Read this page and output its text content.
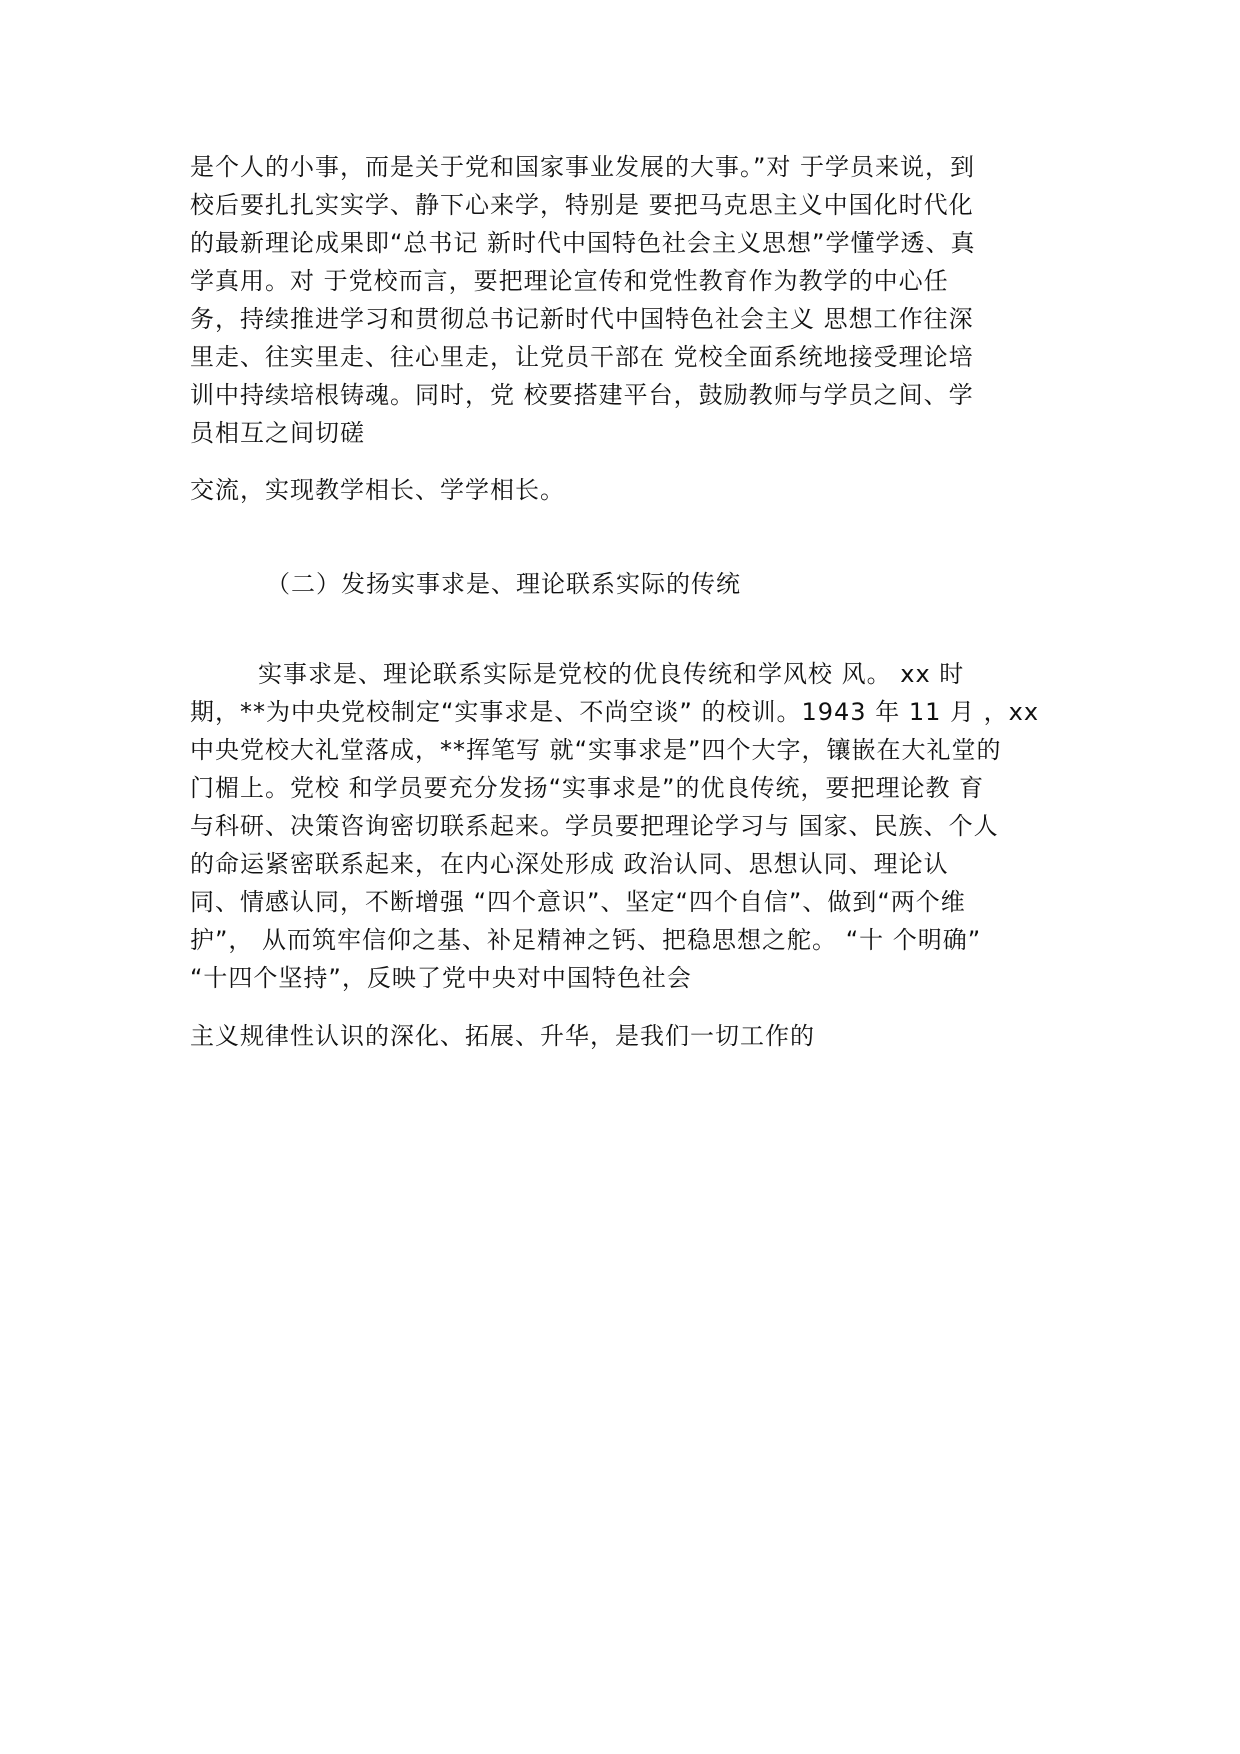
是个人的小事，而是关于党和国家事业发展的大事。”对 于学员来说，到
校后要扎扎实实学、静下心来学，特别是 要把马克思主义中国化时代化
的最新理论成果即“总书记 新时代中国特色社会主义思想”学懂学透、真
学真用。对 于党校而言，要把理论宣传和党性教育作为教学的中心任
务，持续推进学习和贯彻总书记新时代中国特色社会主义 思想工作往深
里走、往实里走、往心里走，让党员干部在 党校全面系统地接受理论培
训中持续培根铸魂。同时，党 校要搭建平台，鼓励教师与学员之间、学
员相互之间切磋
交流，实现教学相长、学学相长。
（二）发扬实事求是、理论联系实际的传统
实事求是、理论联系实际是党校的优良传统和学风校 风。 xx 时
期，**为中央党校制定“实事求是、不尚空谈” 的校训。1943 年 11 月 ，xx
中央党校大礼堂落成，**挥笔写 就“实事求是”四个大字，镶嵌在大礼堂的
门楣上。党校 和学员要充分发扬“实事求是”的优良传统，要把理论教 育
与科研、决策咨询密切联系起来。学员要把理论学习与 国家、民族、个人
的命运紧密联系起来，在内心深处形成 政治认同、思想认同、理论认
同、情感认同，不断增强 “四个意识”、坚定“四个自信”、做到“两个维
护”， 从而筑牢信仰之基、补足精神之钙、把稳思想之舵。 “十 个明确”
“十四个坚持”，反映了党中央对中国特色社会
主义规律性认识的深化、拓展、升华，是我们一切工作的
